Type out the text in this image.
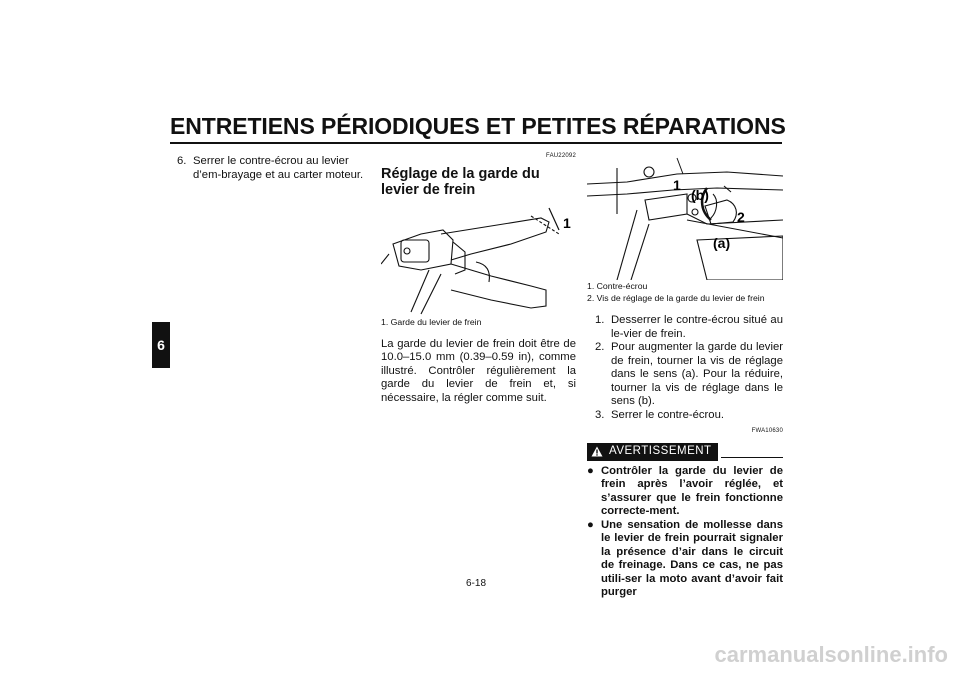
ENTRETIENS PÉRIODIQUES ET PETITES RÉPARATIONS
6
6. Serrer le contre-écrou au levier d’em-brayage et au carter moteur.
FAU22092
Réglage de la garde du levier de frein
1
1. Garde du levier de frein
La garde du levier de frein doit être de 10.0–15.0 mm (0.39–0.59 in), comme illustré. Contrôler régulièrement la garde du levier de frein et, si nécessaire, la régler comme suit.
1
(b)
2
(a)
1. Contre-écrou
2. Vis de réglage de la garde du levier de frein
1. Desserrer le contre-écrou situé au le-vier de frein.
2. Pour augmenter la garde du levier de frein, tourner la vis de réglage dans le sens (a). Pour la réduire, tourner la vis de réglage dans le sens (b).
3. Serrer le contre-écrou.
FWA10630
AVERTISSEMENT
● Contrôler la garde du levier de frein après l’avoir réglée, et s’assurer que le frein fonctionne correcte-ment.
● Une sensation de mollesse dans le levier de frein pourrait signaler la présence d’air dans le circuit de freinage. Dans ce cas, ne pas utili-ser la moto avant d’avoir fait purger
6-18
carmanualsonline.info
